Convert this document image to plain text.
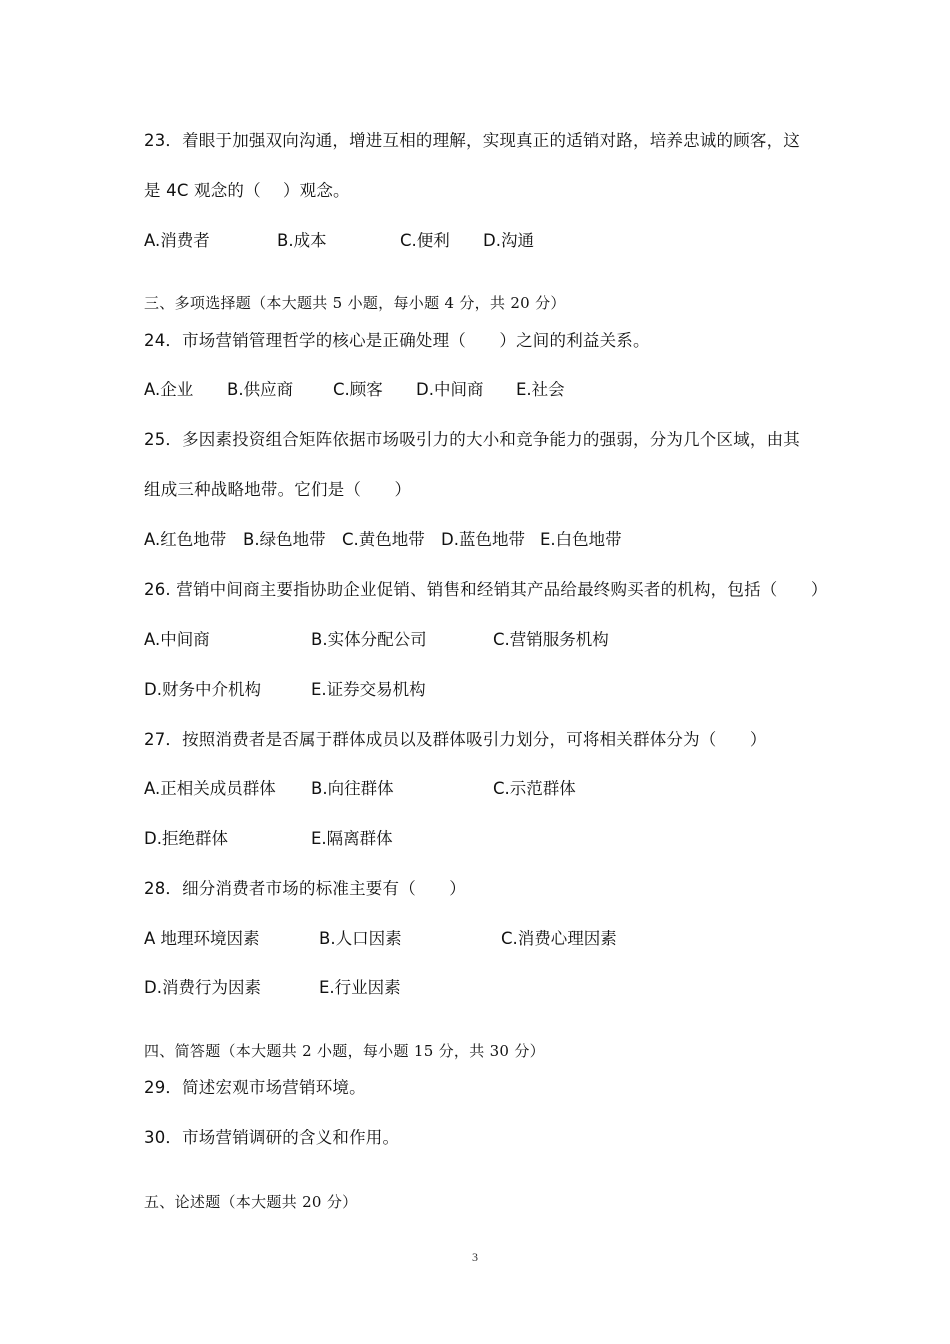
23．着眼于加强双向沟通，增进互相的理解，实现真正的适销对路，培养忠诚的顾客，这
是 4C 观念的（　 ）观念。
A.消费者	B.成本	C.便利 D.沟通
三、多项选择题（本大题共 5 小题，每小题 4 分，共 20 分）
24．市场营销管理哲学的核心是正确处理（　　）之间的利益关系。
A.企业 B.供应商 C.顾客 D.中间商 E.社会
25．多因素投资组合矩阵依据市场吸引力的大小和竞争能力的强弱，分为几个区域，由其
组成三种战略地带。它们是（　　）
A.红色地带 B.绿色地带 C.黄色地带 D.蓝色地带 E.白色地带
26. 营销中间商主要指协助企业促销、销售和经销其产品给最终购买者的机构，包括（　　）
A.中间商	B.实体分配公司	C.营销服务机构
D.财务中介机构	E.证券交易机构
27．按照消费者是否属于群体成员以及群体吸引力划分，可将相关群体分为（　　）
A.正相关成员群体 B.向往群体	C.示范群体
D.拒绝群体	E.隔离群体
28．细分消费者市场的标准主要有（　　）
A 地理环境因素	B.人口因素	C.消费心理因素
D.消费行为因素	E.行业因素
四、简答题（本大题共 2 小题，每小题 15 分，共 30 分）
29．简述宏观市场营销环境。
30．市场营销调研的含义和作用。
五、论述题（本大题共 20 分）
3
